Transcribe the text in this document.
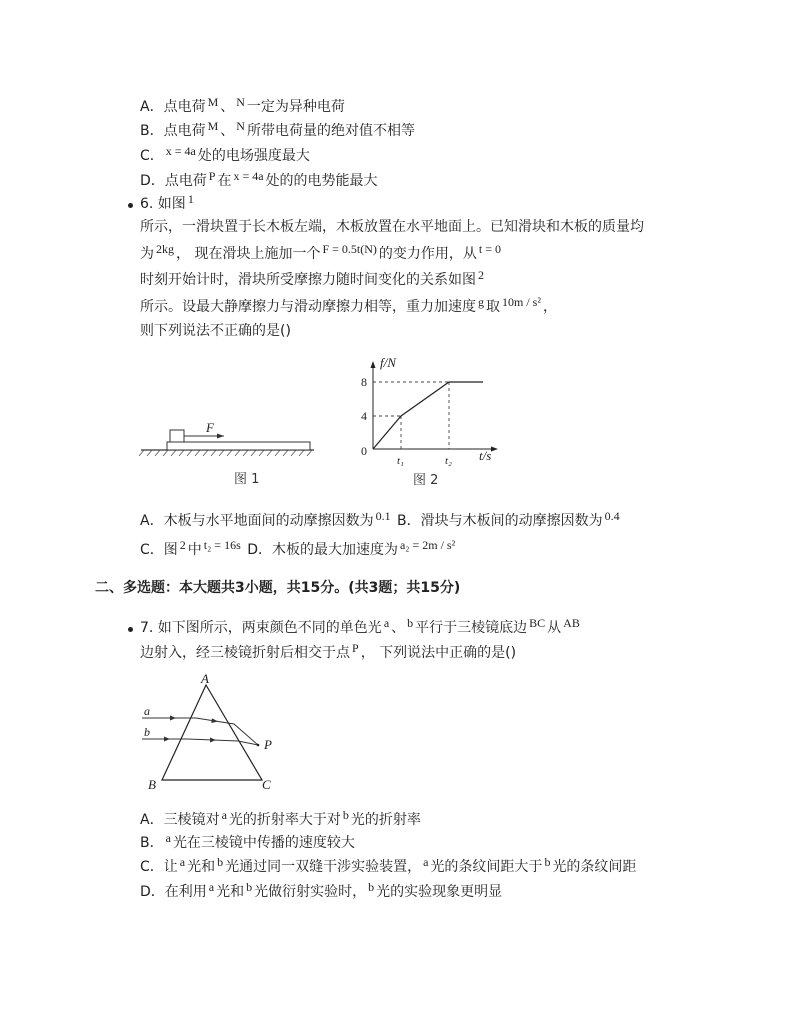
A．点电荷 M 、 N 一定为异种电荷
B．点电荷 M 、 N 所带电荷量的绝对值不相等
C． x = 4a 处的电场强度最大
D．点电荷 P 在 x = 4a 处的的电势能最大
6. 如图 1
所示，一滑块置于长木板左端，木板放置在水平地面上。已知滑块和木板的质量均
为 2kg ， 现在滑块上施加一个 F = 0.5t(N) 的变力作用，从 t = 0
时刻开始计时，滑块所受摩擦力随时间变化的关系如图 2
所示。设最大静摩擦力与滑动摩擦力相等，重力加速度 g 取 10m / s² ，
则下列说法不正确的是()
F
图 1
f/N
8
4
0
t₁	t₂ t/s
图 2
A．木板与水平地面间的动摩擦因数为 0.1 B．滑块与木板间的动摩擦因数为 0.4
C．图 2 中 t₂ = 16s D．木板的最大加速度为 a₂ = 2m / s²
二、多选题：本大题共3小题，共15分。(共3题；共15分)
7. 如下图所示，两束颜色不同的单色光 a 、 b 平行于三棱镜底边 BC 从 AB
边射入，经三棱镜折射后相交于点 P ， 下列说法中正确的是()
A
B	C
a
b
P
A．三棱镜对 a 光的折射率大于对 b 光的折射率
B． a 光在三棱镜中传播的速度较大
C．让 a 光和 b 光通过同一双缝干涉实验装置， a 光的条纹间距大于 b 光的条纹间距
D．在利用 a 光和 b 光做衍射实验时， b 光的实验现象更明显
